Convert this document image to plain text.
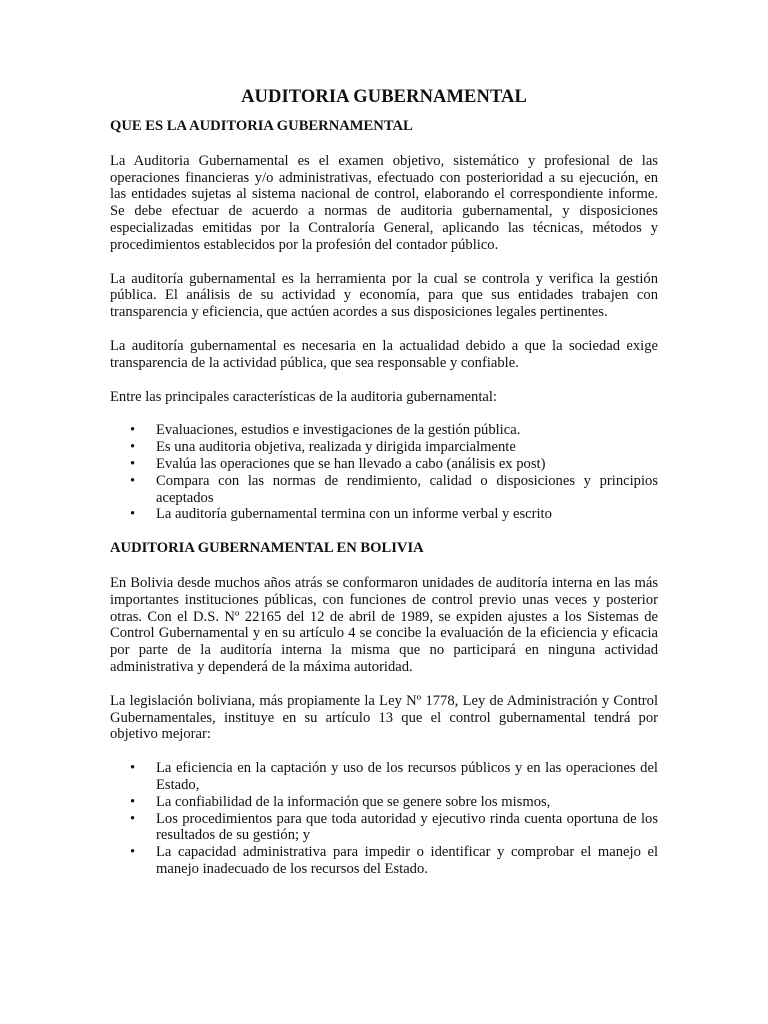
AUDITORIA GUBERNAMENTAL
QUE ES LA AUDITORIA GUBERNAMENTAL

La Auditoria Gubernamental es el examen objetivo, sistemático y profesional de las operaciones financieras y/o administrativas, efectuado con posterioridad a su ejecución, en las entidades sujetas al sistema nacional de control, elaborando el correspondiente informe. Se debe efectuar de acuerdo a normas de auditoria gubernamental, y disposiciones especializadas emitidas por la Contraloría General, aplicando las técnicas, métodos y procedimientos establecidos por la profesión del contador público.

La auditoría gubernamental es la herramienta por la cual se controla y verifica la gestión pública. El análisis de su actividad y economía, para que sus entidades trabajen con transparencia y eficiencia, que actúen acordes a sus disposiciones legales pertinentes.

La auditoría gubernamental es necesaria en la actualidad debido a que la sociedad exige transparencia de la actividad pública, que sea responsable y confiable.

Entre las principales características de la auditoria gubernamental:

• Evaluaciones, estudios e investigaciones de la gestión pública.
• Es una auditoria objetiva, realizada y dirigida imparcialmente
• Evalúa las operaciones que se han llevado a cabo (análisis ex post)
• Compara con las normas de rendimiento, calidad o disposiciones y principios aceptados
• La auditoría gubernamental termina con un informe verbal y escrito
AUDITORIA GUBERNAMENTAL EN BOLIVIA

En Bolivia desde muchos años atrás se conformaron unidades de auditoría interna en las más importantes instituciones públicas, con funciones de control previo unas veces y posterior otras. Con el D.S. Nº 22165 del 12 de abril de 1989, se expiden ajustes a los Sistemas de Control Gubernamental y en su artículo 4 se concibe la evaluación de la eficiencia y eficacia por parte de la auditoría interna la misma que no participará en ninguna actividad administrativa y dependerá de la máxima autoridad.

La legislación boliviana, más propiamente la Ley Nº 1778, Ley de Administración y Control Gubernamentales, instituye en su artículo 13 que el control gubernamental tendrá por objetivo mejorar:

• La eficiencia en la captación y uso de los recursos públicos y en las operaciones del Estado,
• La confiabilidad de la información que se genere sobre los mismos,
• Los procedimientos para que toda autoridad y ejecutivo rinda cuenta oportuna de los resultados de su gestión; y
• La capacidad administrativa para impedir o identificar y comprobar el manejo el manejo inadecuado de los recursos del Estado.
